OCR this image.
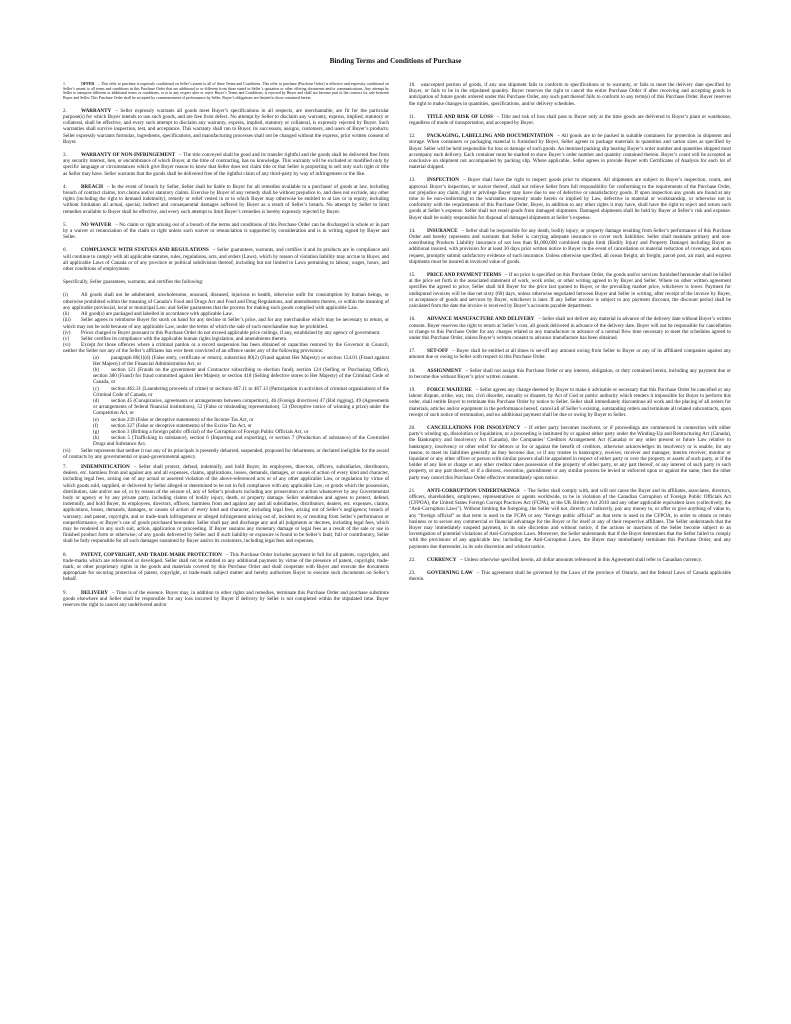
Binding Terms and Conditions of Purchase
1.	OFFER – This offer to purchase is expressly conditional on Seller’s assent to all of these Terms and Conditions. This offer to purchase (Purchase Order) is effective and expressly conditional on Seller’s assent to all terms and conditions in this Purchase Order that are additional to or different from those stated in Seller’s quotation or other offering documents and/or communications. Any attempt by Seller to interpose different or additional terms or conditions, or to in any respect alter or reject Buyer’s Terms and Conditions, is rejected by Buyer and shall not become part of the contract for sale between Buyer and Seller. This Purchase Order shall be accepted by commencement of performance by Seller. Buyer’s obligations are limited to those contained herein.
2.	WARRANTY – Seller expressly warrants all goods meet Buyer’s specifications in all respects, are merchantable, are fit for the particular purpose(s) for which Buyer intends to use such goods, and are free from defect. No attempt by Seller to disclaim any warranty, express, implied, statutory or collateral, shall be effective, and every such attempt to disclaim any warranty, express, implied, statutory or collateral, is expressly rejected by Buyer. Such warranties shall survive inspection, test, and acceptance. This warranty shall run to Buyer, its successors, assigns, customers, and users of Buyer’s products. Seller expressly warrants formulas, ingredients, specifications, and manufacturing processes shall not be changed without the express, prior written consent of Buyer.
3.	WARRANTY OF NON-INFRINGEMENT – The title conveyed shall be good and its transfer rightful and the goods shall be delivered free from any security interest, lien, or encumbrance of which Buyer, at the time of contracting, has no knowledge. This warranty will be excluded or modified only by specific language or circumstances which give Buyer reason to know that Seller does not claim title or that Seller is purporting to sell only such right or title as Seller may have. Seller warrants that the goods shall be delivered free of the rightful claim of any third-party by way of infringement or the like.
4.	BREACH – In the event of breach by Seller, Seller shall be liable to Buyer for all remedies available to a purchaser of goods at law, including breach of contract claims, tort claims and/or statutory claims. Exercise by Buyer of any remedy shall be without prejudice to, and does not exclude, any other rights (including the right to demand indemnity), remedy or relief vested in or to which Buyer may otherwise be entitled to at law or in equity, including without limitation all actual, special, indirect and consequential damages suffered by Buyer as a result of Seller’s breach. No attempt by Seller to limit remedies available to Buyer shall be effective, and every such attempt to limit Buyer’s remedies is hereby expressly rejected by Buyer.
5.	NO WAIVER – No claim or right arising out of a breach of the terms and conditions of this Purchase Order can be discharged in whole or in part by a waiver or renunciation of the claim or right unless such waiver or renunciation is supported by consideration and is in writing signed by Buyer and Seller.
6.	COMPLIANCE WITH STATUES AND REGULATIONS – Seller guarantees, warrants, and certifies it and its products are in compliance and will continue to comply with all applicable statutes, rules, regulations, acts, and orders (Laws), which by reason of violation liability may accrue to Buyer, and all applicable Laws of Canada or of any province or political subdivision thereof, including but not limited to Laws pertaining to labour, wages, hours, and other conditions of employment.
Specifically, Seller guarantees, warrants, and certifies the following:
(i)	All goods shall not be adulterated, unwholesome, unsound, diseased, injurious to health, otherwise unfit for consumption by human beings, or otherwise prohibited within the meaning of Canada’s Food and Drugs Act and Food and Drug Regulations, and amendments thereto, or within the meaning of any applicable provincial, local or municipal Law; and Seller guarantees that the process for making such goods complied with applicable Law.
(ii) All good(s) are packaged and labelled in accordance with applicable Law.
(iii) Seller agrees to reimburse Buyer for stock on hand for any decline in Seller’s price, and for any merchandise which may be necessary to return, or which may not be sold because of any applicable Law, under the terms of which the sale of such merchandise may be prohibited.
(iv) Prices charged to Buyer pursuant to this Purchase Order do not exceed applicable price ceilings, if any, established by any agency of government.
(v) Seller certifies its compliance with the applicable human rights legislation, and amendments thereto.
(vi) Except for those offences where a criminal pardon or a record suspension has been obtained or capacities restored by the Governor in Council, neither the Seller nor any of the Seller’s affiliates has ever been convicted of an offence under any of the following provisions:
(a) paragraph 80(1)(d) (False entry, certificate or return), subsection 80(2) (Fraud against Her Majesty) or section 154.01 (Fraud against Her Majesty) of the Financial Administration Act, or
(b) section 121 (Frauds on the government and Contractor subscribing to election fund), section 124 (Selling or Purchasing Office), section 380 (Fraud) for fraud committed against Her Majesty or section 418 (Selling defective stores to Her Majesty) of the Criminal Code of Canada, or
(c) section 462.31 (Laundering proceeds of crime) or sections 467.11 to 467.13 (Participation in activities of criminal organization) of the Criminal Code of Canada, or
(d) section 45 (Conspiracies, agreements or arrangements between competitors), 46 (Foreign directives) 47 (Bid rigging), 49 (Agreements or arrangements of federal financial institutions), 52 (False or misleading representation), 53 (Deceptive notice of winning a prize) under the Competition Act, or
(e) section 239 (False or deceptive statements) of the Income Tax Act, or
(f) section 327 (False or deceptive statements) of the Excise Tax Act, or
(g) section 3 (Bribing a foreign public official) of the Corruption of Foreign Public Officials Act, or
(h) section 5 (Trafficking in substance), section 6 (Importing and exporting), or section 7 (Production of substance) of the Controlled Drugs and Substance Act.
(vi) Seller represents that neither it nor any of its principals is presently debarred, suspended, proposed for debarment, or declared ineligible for the award of contracts by any governmental or quasi-governmental agency.
7.	INDEMNIFICATION – Seller shall protect, defend, indemnify, and hold Buyer, its employees, directors, officers, subsidiaries, distributors, dealers, etc. harmless from and against any and all expenses, claims, applications, losses, demands, damages, or causes of action of every kind and character, including legal fees, arising out of any actual or asserted violation of the above-referenced acts or of any other applicable Law, or regulation by virtue of which goods sold, supplied, or delivered by Seller alleged or determined to be not in full compliance with any applicable Law; or goods which the possession, distribution, sale and/or use of, or by reason of the seizure of, any of Seller’s products including any prosecution or action whatsoever by any Governmental body or agency or by any private party, including claims of bodily injury, death, or property damage. Seller undertakes and agrees to protect, defend, indemnify, and hold Buyer, its employees, directors, officers, harmless from and against any and all subsidiaries, distributors, dealers, etc. expenses, claims, applications, losses, demands, damages, or causes of action of every kind and character, including legal fees, arising out of Seller’s negligence; breach of warranty; and patent, copyright, and or trade-mark infringement or alleged infringement arising out of, incident to, or resulting from Seller’s performance or nonperformance, or Buyer’s use of goods purchased hereunder. Seller shall pay and discharge any and all judgments or decrees, including legal fees, which may be rendered in any such suit, action, application or proceeding. If Buyer sustains any monetary damage or legal fees as a result of the sale or use in finished product form or otherwise; of any goods delivered by Seller and if such liability or exposure is found to be Seller’s fault, full or contributory, Seller shall be fully responsible for all such damages sustained by Buyer and/or its customers, including legal fees and expenses.
8.	PATENT, COPYRIGHT, AND TRADE-MARK PROTECTION – This Purchase Order includes payment in full for all patents, copyrights, and trade-marks which are referenced or developed. Seller shall not be entitled to any additional payment by virtue of the presence of patent, copyright, trade-mark, or other proprietary rights in the goods and materials covered by this Purchase Order and shall cooperate with Buyer and execute the documents appropriate for securing protection of patent, copyright, or trade-mark subject matter and hereby authorizes Buyer to execute such documents on Seller’s behalf.
9.	DELIVERY – Time is of the essence. Buyer may, in addition to other rights and remedies, terminate this Purchase Order and purchase substitute goods elsewhere and Seller shall be responsible for any loss incurred by Buyer if delivery by Seller is not completed within the stipulated time. Buyer reserves the right to cancel any undelivered and/or
10. unaccepted portion of goods, if any one shipment fails to conform to specifications or to warranty, or fails to meet the delivery date specified by Buyer, or fails to be in the stipulated quantity. Buyer reserves the right to cancel the entire Purchase Order if after receiving and accepting goods in anticipation of future goods ordered under this Purchase Order, any such part thereof fails to conform to any term(s) of this Purchase Order. Buyer reserves the right to make changes in quantities, specifications, and/or delivery schedules.
11. TITLE AND RISK OF LOSS – Title and risk of loss shall pass to Buyer only at the time goods are delivered to Buyer’s plant or warehouse, regardless of mode of transportation, and accepted by Buyer.
12. PACKAGING, LABELLING AND DOCUMENTATION – All goods are to be packed in suitable containers for protection in shipment and storage. When containers or packaging material is furnished by Buyer, Seller agrees to package materials in quantities and carton sizes as specified by Buyer. Seller will be held responsible for loss or damage of such goods. An itemized packing slip bearing Buyer’s order number and quantities shipped must accompany each delivery. Each container must be marked to show Buyer’s order number and quantity contained therein. Buyer’s count will be accepted as conclusive on shipment not accompanied by packing slip. Where applicable, Seller agrees to provide Buyer with Certificates of Analysis for each lot of material shipped.
13. INSPECTION – Buyer shall have the right to inspect goods prior to shipment. All shipments are subject to Buyer’s inspection, count, and approval. Buyer’s inspection, or waiver thereof, shall not relieve Seller from full responsibility for conforming to the requirements of the Purchase Order, nor prejudice any claim, right or privilege Buyer may have due to use of defective or unsatisfactory goods. If upon inspection any goods are found at any time to be non-conforming to the warranties expressly made herein or implied by Law, defective in material or workmanship, or otherwise not in conformity with the requirements of this Purchase Order, Buyer, in addition to any other rights it may have, shall have the right to reject and return such goods at Seller’s expense. Seller shall not resell goods from damaged shipments. Damaged shipments shall be held by Buyer at Seller’s risk and expense. Buyer shall be solely responsible for disposal of damaged shipments at Seller’s expense.
14. INSURANCE – Seller shall be responsible for any death, bodily injury, or property damage resulting from Seller’s performance of this Purchase Order and hereby represents and warrants that Seller is carrying adequate insurance to cover such liabilities. Seller shall maintain primary and non-contributing Products Liability insurance of not less than $1,000,000 combined single limit (Bodily Injury and Property Damage) including Buyer as additional insured, with provision for at least 30 days prior written notice to Buyer in the event of cancellation or material reduction of coverage, and upon request, promptly submit satisfactory evidence of such insurance. Unless otherwise specified, all ocean freight, air freight, parcel post, air mail, and express shipments must be insured at invoiced value of goods.
15. PRICE AND PAYMENT TERMS – If no price is specified on this Purchase Order, the goods and/or services furnished hereunder shall be billed at the price set forth in the associated statement of work, work order, or other writing agreed to by Buyer and Seller. Where no other written agreement specifies the agreed to price, Seller shall bill Buyer for the price last quoted to Buyer, or the prevailing market price, whichever is lower. Payment for undisputed invoices will be due net sixty (60) days, unless otherwise negotiated between Buyer and Seller in writing, after receipt of the invoice by Buyer, or acceptance of goods and services by Buyer, whichever is later. If any Seller invoice is subject to any payment discount, the discount period shall be calculated from the date the invoice is received by Buyer’s accounts payable department.
16. ADVANCE MANUFACTURE AND DELIVERY – Seller shall not deliver any material in advance of the delivery date without Buyer’s written consent. Buyer reserves the right to return at Seller’s cost, all goods delivered in advance of the delivery date. Buyer will not be responsible for cancellation or change to this Purchase Order for any charges related to any manufacture in advance of a normal flow time necessary to meet the schedules agreed to under this Purchase Order, unless Buyer’s written consent to advance manufacture has been obtained.
17. SET-OFF – Buyer shall be entitled at all times to set-off any amount owing from Seller to Buyer or any of its affiliated companies against any amount due or owing to Seller with respect to this Purchase Order.
18. ASSIGNMENT – Seller shall not assign this Purchase Order or any interest, obligation, or duty contained herein, including any payment due or to become due without Buyer’s prior written consent.
19. FORCE MAJEURE – Seller agrees any change deemed by Buyer to make it advisable or necessary that this Purchase Order be cancelled or any labour dispute, strike, war, riot, civil disorder, casualty or disaster, by Act of God or public authority which renders it impossible for Buyer to perform this order, shall entitle Buyer to terminate this Purchase Order by notice to Seller. Seller shall immediately discontinue all work and the placing of all orders for materials, articles and/or equipment in the performance hereof, cancel all of Seller’s existing, outstanding orders and terminate all related subcontracts, upon receipt of such notice of termination, and no additional payment shall be due or owing by Buyer to Seller.
20. CANCELLATIONS FOR INSOLVENCY – If either party becomes insolvent, or if proceedings are commenced in connection with either party’s winding up, dissolution or liquidation, or a proceeding is instituted by or against either party under the Winding-Up and Restructuring Act (Canada), the Bankruptcy and Insolvency Act (Canada), the Companies’ Creditors Arrangement Act (Canada) or any other present or future Law relative to bankruptcy, insolvency or other relief for debtors or for or against the benefit of creditors, otherwise acknowledges its insolvency or is unable, for any reason, to meet its liabilities generally as they become due, or if any trustee in bankruptcy, receiver, receiver and manager, interim receiver, monitor or liquidator or any other officer or person with similar powers shall be appointed in respect of either party or over the property or assets of such party, or if the holder of any lien or charge or any other creditor takes possession of the property of either party, or any part thereof, or any interest of such party in such property, or any part thereof, or if a distress, execution, garnishment or any similar process be levied or enforced upon or against the same, then the other party may cancel this Purchase Order effective immediately upon notice.
21. ANTI-CORRUPTION UNDERTAKINGS – The Seller shall comply with, and will not cause the Buyer and its affiliates, associates, directors, officers, shareholders, employees, representatives or agents worldwide, to be in violation of the Canadian Corruption of Foreign Public Officials Act (CFPOA), the United States Foreign Corrupt Practices Act (FCPA), or the UK Bribery Act 2010 and any other applicable equivalent laws (collectively, the “Anti-Corruption Laws”). Without limiting the foregoing, the Seller will not, directly or indirectly, pay any money to, or offer or give anything of value to, any “foreign official” as that term is used in the FCPA or any “foreign public official” as that term is used in the CFPOA, in order to obtain or retain business or to secure any commercial or financial advantage for the Buyer or for itself or any of their respective affiliates. The Seller understands that the Buyer may immediately suspend payment, in its sole discretion and without notice, if the actions or inactions of the Seller become subject to an investigation of potential violations of Anti-Corruption Laws. Moreover, the Seller understands that if the Buyer determines that the Seller failed to comply with the provisions of any applicable law, including the Anti-Corruption Laws, the Buyer may immediately terminate this Purchase Order, and any payments due thereunder, in its sole discretion and without notice.
22. CURRENCY – Unless otherwise specified herein, all dollar amounts referenced in this Agreement shall refer to Canadian currency.
23. GOVERNING LAW – This agreement shall be governed by the Laws of the province of Ontario, and the federal Laws of Canada applicable therein.
